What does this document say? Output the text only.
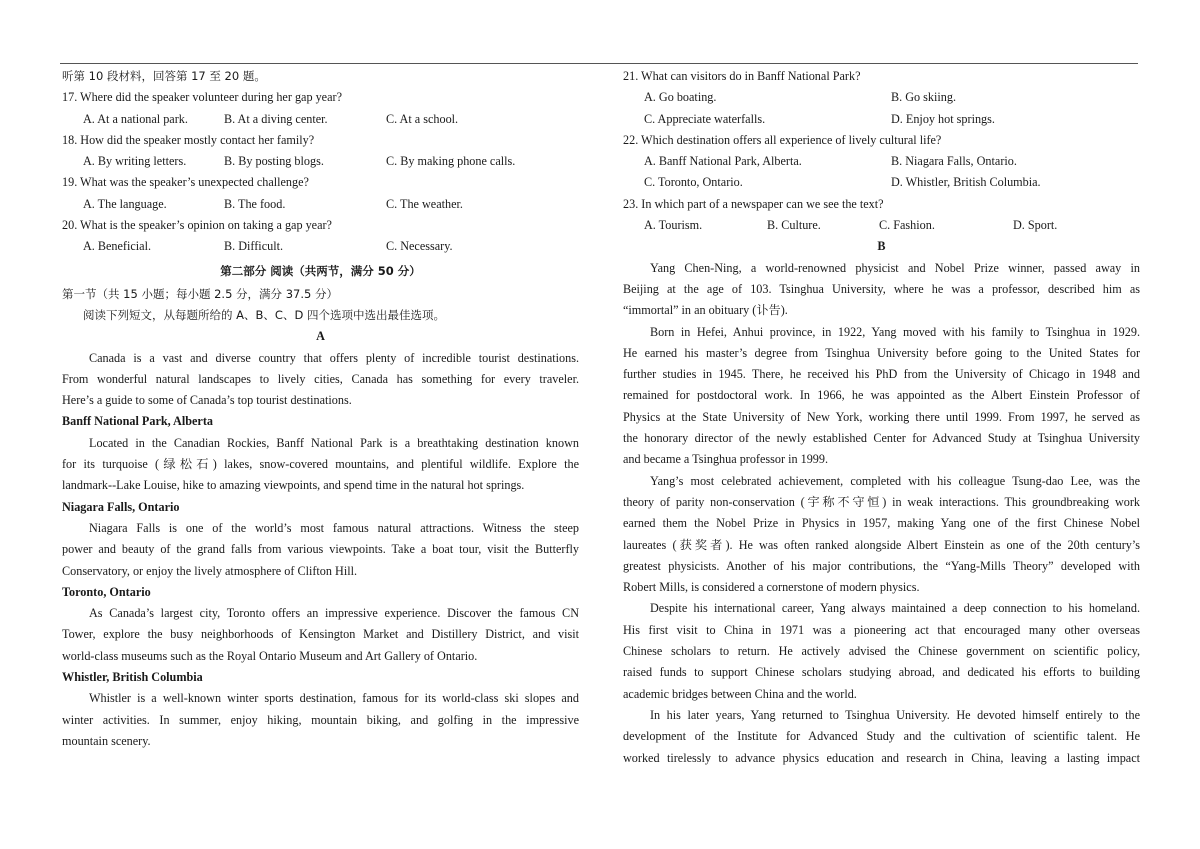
听第 10 段材料，回答第 17 至 20 题。
17. Where did the speaker volunteer during her gap year?
A. At a national park.	B. At a diving center.	C. At a school.
18. How did the speaker mostly contact her family?
A. By writing letters.	B. By posting blogs.	C. By making phone calls.
19. What was the speaker’s unexpected challenge?
A. The language.	B. The food.	C. The weather.
20. What is the speaker’s opinion on taking a gap year?
A. Beneficial.	B. Difficult.	C. Necessary.
第二部分 阅读（共两节，满分 50 分）
第一节（共 15 小题；每小题 2.5 分，满分 37.5 分）
阅读下列短文，从每题所给的 A、B、C、D 四个选项中选出最佳选项。
A
Canada is a vast and diverse country that offers plenty of incredible tourist destinations.
From wonderful natural landscapes to lively cities, Canada has something for every traveler.
Here’s a guide to some of Canada’s top tourist destinations.
Banff National Park, Alberta
Located in the Canadian Rockies, Banff National Park is a breathtaking destination known
for its turquoise (绿松石) lakes, snow-covered mountains, and plentiful wildlife. Explore the
landmark--Lake Louise, hike to amazing viewpoints, and spend time in the natural hot springs.
Niagara Falls, Ontario
Niagara Falls is one of the world’s most famous natural attractions. Witness the steep
power and beauty of the grand falls from various viewpoints. Take a boat tour, visit the Butterfly
Conservatory, or enjoy the lively atmosphere of Clifton Hill.
Toronto, Ontario
As Canada’s largest city, Toronto offers an impressive experience. Discover the famous CN
Tower, explore the busy neighborhoods of Kensington Market and Distillery District, and visit
world-class museums such as the Royal Ontario Museum and Art Gallery of Ontario.
Whistler, British Columbia
Whistler is a well-known winter sports destination, famous for its world-class ski slopes and
winter activities. In summer, enjoy hiking, mountain biking, and golfing in the impressive
mountain scenery.
21. What can visitors do in Banff National Park?
A. Go boating.	B. Go skiing.
C. Appreciate waterfalls.	D. Enjoy hot springs.
22. Which destination offers all experience of lively cultural life?
A. Banff National Park, Alberta.	B. Niagara Falls, Ontario.
C. Toronto, Ontario.	D. Whistler, British Columbia.
23. In which part of a newspaper can we see the text?
A. Tourism.	B. Culture.	C. Fashion.	D. Sport.
B
Yang Chen-Ning, a world-renowned physicist and Nobel Prize winner, passed away in
Beijing at the age of 103. Tsinghua University, where he was a professor, described him as
“immortal” in an obituary (讣告).
Born in Hefei, Anhui province, in 1922, Yang moved with his family to Tsinghua in 1929.
He earned his master’s degree from Tsinghua University before going to the United States for
further studies in 1945. There, he received his PhD from the University of Chicago in 1948 and
remained for postdoctoral work. In 1966, he was appointed as the Albert Einstein Professor of
Physics at the State University of New York, working there until 1999. From 1997, he served as
the honorary director of the newly established Center for Advanced Study at Tsinghua University
and became a Tsinghua professor in 1999.
Yang’s most celebrated achievement, completed with his colleague Tsung-dao Lee, was the
theory of parity non-conservation (宇称不守恒) in weak interactions. This groundbreaking work
earned them the Nobel Prize in Physics in 1957, making Yang one of the first Chinese Nobel
laureates (获奖者). He was often ranked alongside Albert Einstein as one of the 20th century’s
greatest physicists. Another of his major contributions, the “Yang-Mills Theory” developed with
Robert Mills, is considered a cornerstone of modern physics.
Despite his international career, Yang always maintained a deep connection to his homeland.
His first visit to China in 1971 was a pioneering act that encouraged many other overseas
Chinese scholars to return. He actively advised the Chinese government on scientific policy,
raised funds to support Chinese scholars studying abroad, and dedicated his efforts to building
academic bridges between China and the world.
In his later years, Yang returned to Tsinghua University. He devoted himself entirely to the
development of the Institute for Advanced Study and the cultivation of scientific talent. He
worked tirelessly to advance physics education and research in China, leaving a lasting impact
